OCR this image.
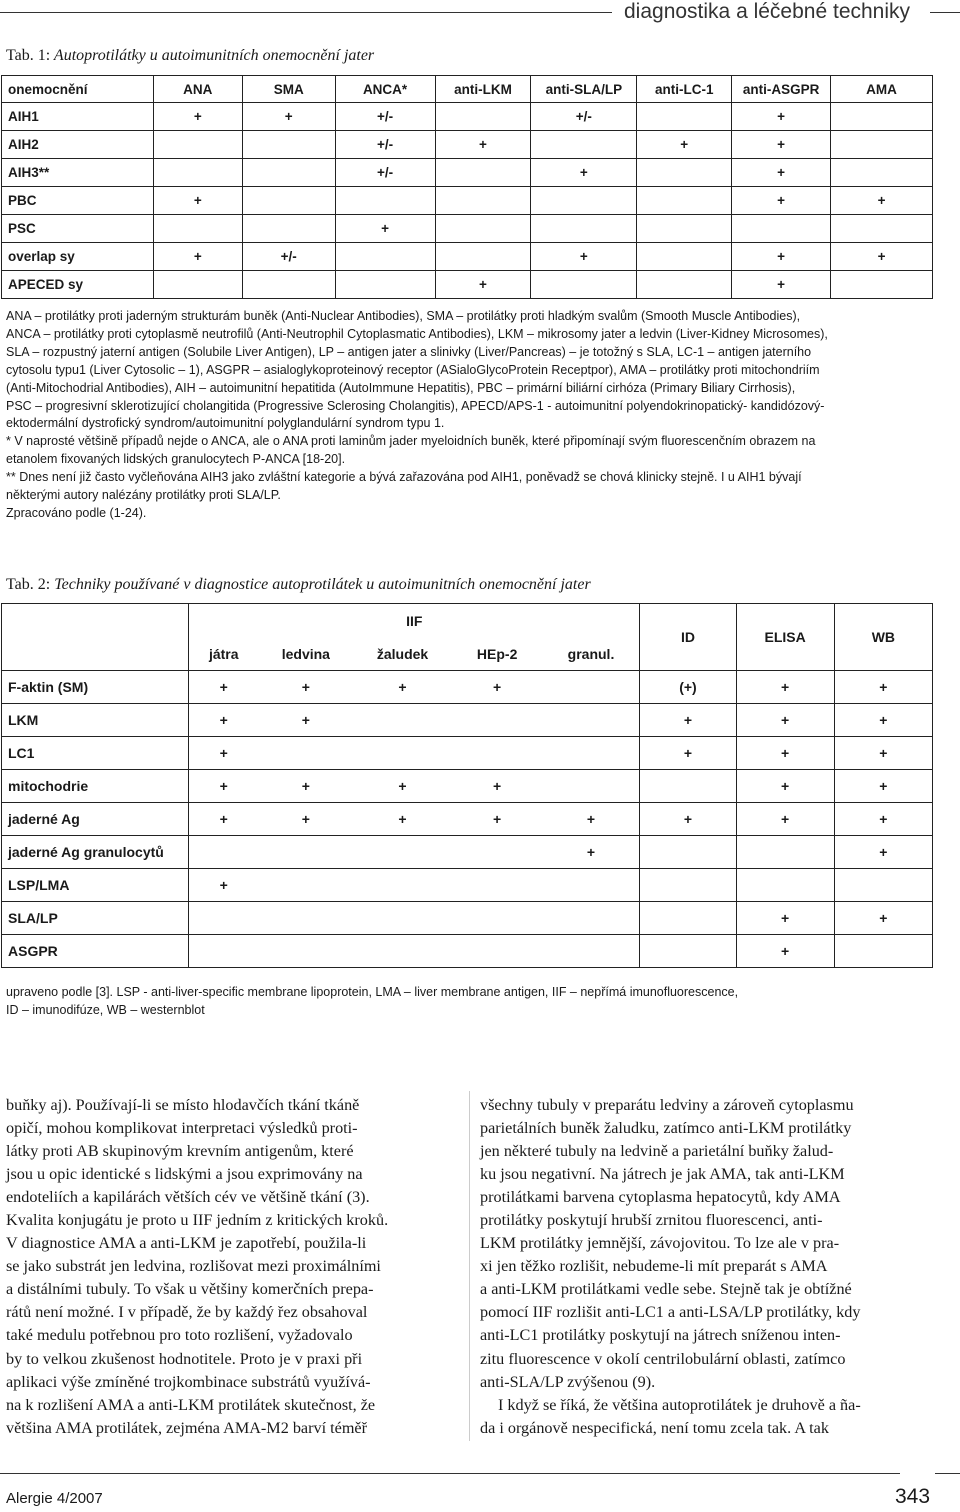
diagnostika a léčebné techniky
Tab. 1: Autoprotilátky u autoimunitních onemocnění jater
onemocnění	ANA	SMA	ANCA*	anti-LKM	anti-SLA/LP	anti-LC-1	anti-ASGPR	AMA
AIH1	+	+	+/-		+/-		+	
AIH2			+/-	+		+	+	
AIH3**			+/-		+		+	
PBC	+						+	+
PSC			+					
overlap sy	+	+/-			+		+	+
APECED sy				+			+	
ANA – protilátky proti jaderným strukturám buněk (Anti-Nuclear Antibodies), SMA – protilátky proti hladkým svalům (Smooth Muscle Antibodies),
ANCA – protilátky proti cytoplasmě neutrofilů (Anti-Neutrophil Cytoplasmatic Antibodies), LKM – mikrosomy jater a ledvin (Liver-Kidney Microsomes),
SLA – rozpustný jaterní antigen (Solubile Liver Antigen), LP – antigen jater a slinivky (Liver/Pancreas) – je totožný s SLA, LC-1 – antigen jaterního
cytosolu typu1 (Liver Cytosolic – 1), ASGPR – asialoglykoproteinový receptor (ASialoGlycoProtein Receptpor), AMA – protilátky proti mitochondriím
(Anti-Mitochodrial Antibodies), AIH – autoimunitní hepatitida (AutoImmune Hepatitis), PBC – primární biliární cirhóza (Primary Biliary Cirrhosis),
PSC – progresivní sklerotizující cholangitida (Progressive Sclerosing Cholangitis), APECD/APS-1 - autoimunitní polyendokrinopatický- kandidózový-
ektodermální dystrofický syndrom/autoimunitní polyglandulární syndrom typu 1.
* V naprosté většině případů nejde o ANCA, ale o ANA proti laminům jader myeloidních buněk, které připomínají svým fluorescenčním obrazem na
etanolem fixovaných lidských granulocytech P-ANCA [18-20].
** Dnes není již často vyčleňována AIH3 jako zvláštní kategorie a bývá zařazována pod AIH1, poněvadž se chová klinicky stejně. I u AIH1 bývají
některými autory nalézány protilátky proti SLA/LP.
Zpracováno podle (1-24).
Tab. 2: Techniky používané v diagnostice autoprotilátek u autoimunitních onemocnění jater
	IIF					ID	ELISA	WB
	játra	ledvina	žaludek	HEp-2	granul.			
F-aktin (SM)	+	+	+	+		(+)	+	+
LKM	+	+				+	+	+
LC1	+					+	+	+
mitochodrie	+	+	+	+			+	+
jaderné Ag	+	+	+	+	+	+	+	+
jaderné Ag granulocytů					+			+
LSP/LMA	+							
SLA/LP							+	+
ASGPR							+	
upraveno podle [3]. LSP - anti-liver-specific membrane lipoprotein, LMA – liver membrane antigen, IIF – nepřímá imunofluorescence,
ID – imunodifúze, WB – westernblot
buňky aj). Používají-li se místo hlodavčích tkání tkáně
opičí, mohou komplikovat interpretaci výsledků proti-
látky proti AB skupinovým krevním antigenům, které
jsou u opic identické s lidskými a jsou exprimovány na
endoteliích a kapilárách větších cév ve většině tkání (3).
Kvalita konjugátu je proto u IIF jedním z kritických kroků.
V diagnostice AMA a anti-LKM je zapotřebí, použila-li
se jako substrát jen ledvina, rozlišovat mezi proximálními
a distálními tubuly. To však u většiny komerčních prepa-
rátů není možné. I v případě, že by každý řez obsahoval
také medulu potřebnou pro toto rozlišení, vyžadovalo
by to velkou zkušenost hodnotitele. Proto je v praxi při
aplikaci výše zmíněné trojkombinace substrátů využívá-
na k rozlišení AMA a anti-LKM protilátek skutečnost, že
většina AMA protilátek, zejména AMA-M2 barví téměř
všechny tubuly v preparátu ledviny a zároveň cytoplasmu
parietálních buněk žaludku, zatímco anti-LKM protilátky
jen některé tubuly na ledvině a parietální buňky žalud-
ku jsou negativní. Na játrech je jak AMA, tak anti-LKM
protilátkami barvena cytoplasma hepatocytů, kdy AMA
protilátky poskytují hrubší zrnitou fluorescenci, anti-
LKM protilátky jemnější, závojovitou. To lze ale v pra-
xi jen těžko rozlišit, nebudeme-li mít preparát s AMA
a anti-LKM protilátkami vedle sebe. Stejně tak je obtížné
pomocí IIF rozlišit anti-LC1 a anti-LSA/LP protilátky, kdy
anti-LC1 protilátky poskytují na játrech sníženou inten-
zitu fluorescence v okolí centrilobulární oblasti, zatímco
anti-SLA/LP zvýšenou (9).
I když se říká, že většina autoprotilátek je druhově a ña-
da i orgánově nespecifická, není tomu zcela tak. A tak
Alergie 4/2007	343
